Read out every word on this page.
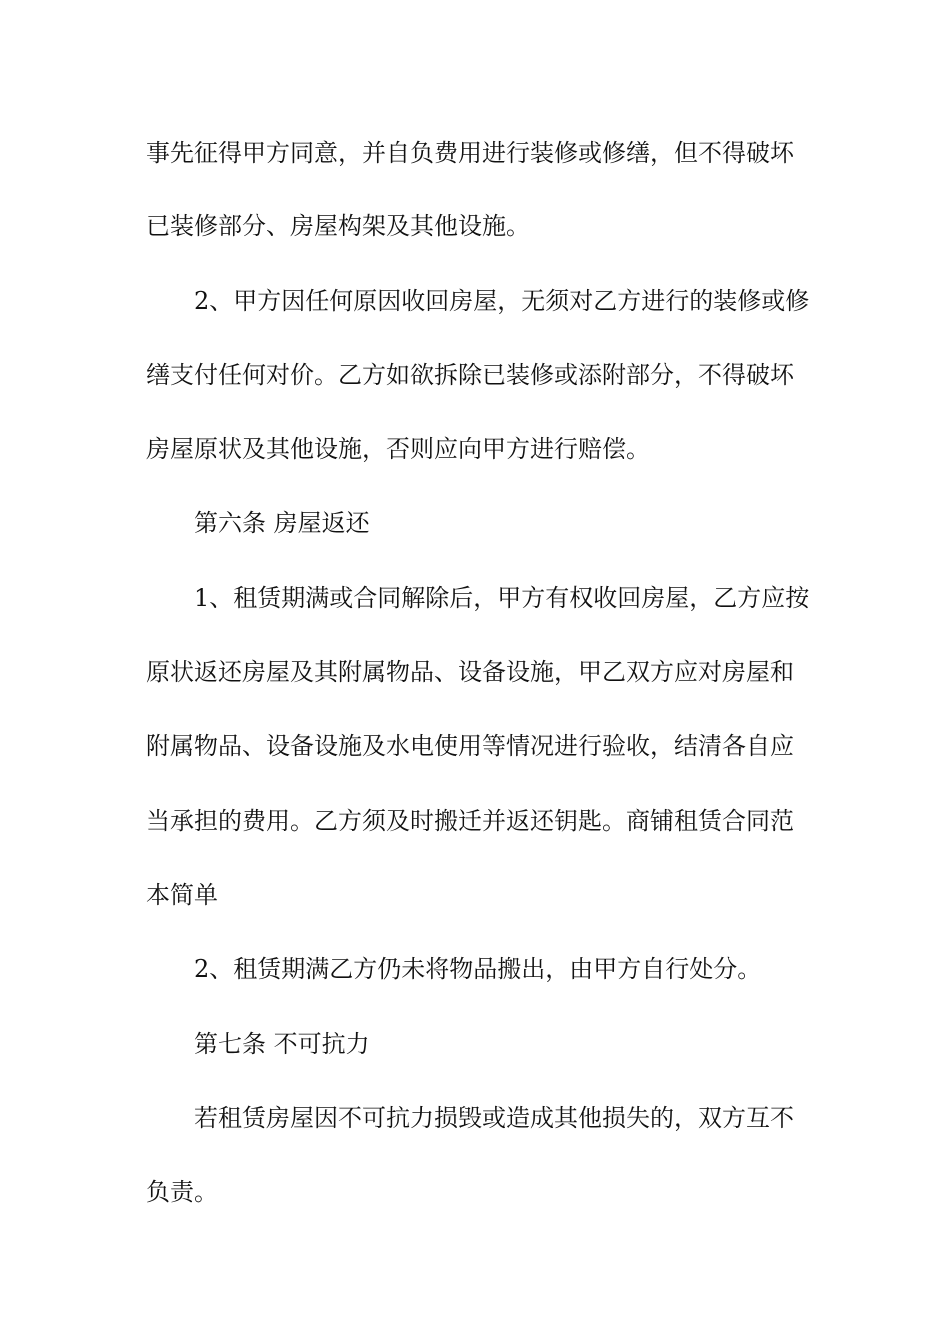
事先征得甲方同意，并自负费用进行装修或修缮，但不得破坏
已装修部分、房屋构架及其他设施。
2、甲方因任何原因收回房屋，无须对乙方进行的装修或修
缮支付任何对价。乙方如欲拆除已装修或添附部分，不得破坏
房屋原状及其他设施，否则应向甲方进行赔偿。
第六条 房屋返还
1、租赁期满或合同解除后，甲方有权收回房屋，乙方应按
原状返还房屋及其附属物品、设备设施，甲乙双方应对房屋和
附属物品、设备设施及水电使用等情况进行验收，结清各自应
当承担的费用。乙方须及时搬迁并返还钥匙。商铺租赁合同范
本简单
2、租赁期满乙方仍未将物品搬出，由甲方自行处分。
第七条 不可抗力
若租赁房屋因不可抗力损毁或造成其他损失的，双方互不
负责。
